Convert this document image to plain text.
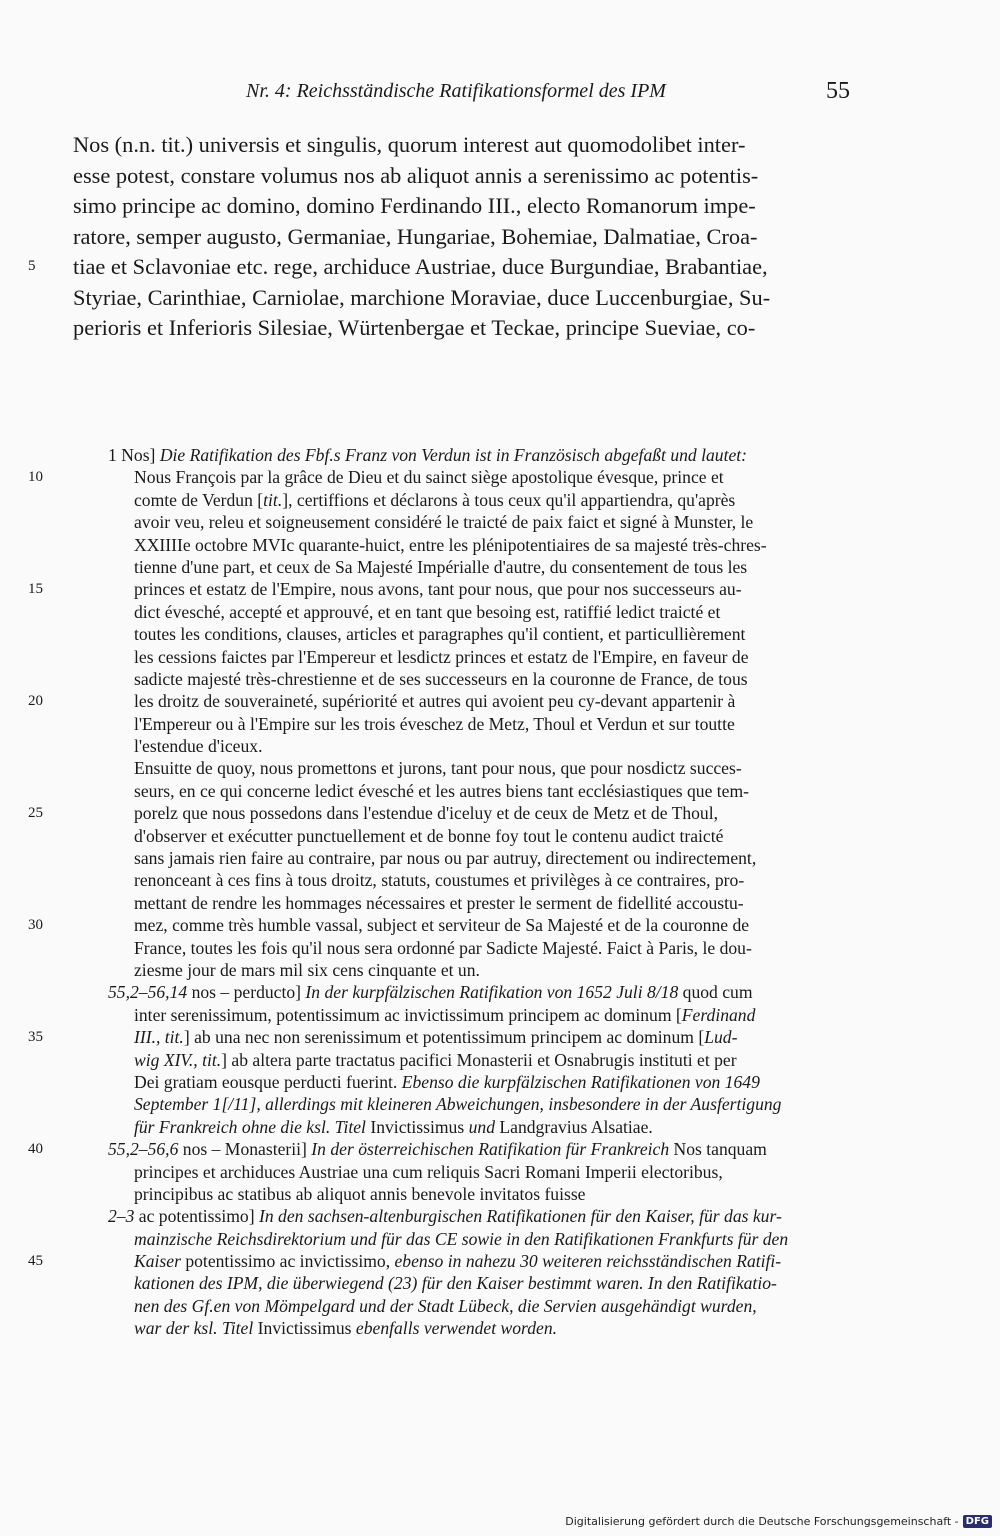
Nr. 4: Reichsständische Ratifikationsformel des IPM	55
Nos (n.n. tit.) universis et singulis, quorum interest aut quomodolibet inter-
esse potest, constare volumus nos ab aliquot annis a serenissimo ac potentis-
simo principe ac domino, domino Ferdinando III., electo Romanorum impe-
ratore, semper augusto, Germaniae, Hungariae, Bohemiae, Dalmatiae, Croa-
tiae et Sclavoniae etc. rege, archiduce Austriae, duce Burgundiae, Brabantiae,
Styriae, Carinthiae, Carniolae, marchione Moraviae, duce Luccenburgiae, Su-
perioris et Inferioris Silesiae, Würtenbergae et Teckae, principe Sueviae, co-
5
1 Nos] Die Ratifikation des Fbf.s Franz von Verdun ist in Französisch abgefaßt und lautet:
Nous François par la grâce de Dieu et du sainct siège apostolique évesque, prince et
comte de Verdun [tit.], certiffions et déclarons à tous ceux qu'il appartiendra, qu'après
avoir veu, releu et soigneusement considéré le traicté de paix faict et signé à Munster, le
XXIIIIe octobre MVIc quarante-huict, entre les plénipotentiaires de sa majesté très-chres-
tienne d'une part, et ceux de Sa Majesté Impérialle d'autre, du consentement de tous les
princes et estatz de l'Empire, nous avons, tant pour nous, que pour nos successeurs au-
dict évesché, accepté et approuvé, et en tant que besoing est, ratiffié ledict traicté et
toutes les conditions, clauses, articles et paragraphes qu'il contient, et particullièrement
les cessions faictes par l'Empereur et lesdictz princes et estatz de l'Empire, en faveur de
sadicte majesté très-chrestienne et de ses successeurs en la couronne de France, de tous
les droitz de souveraineté, supériorité et autres qui avoient peu cy-devant appartenir à
l'Empereur ou à l'Empire sur les trois éveschez de Metz, Thoul et Verdun et sur toutte
l'estendue d'iceux.
Ensuitte de quoy, nous promettons et jurons, tant pour nous, que pour nosdictz succes-
seurs, en ce qui concerne ledict évesché et les autres biens tant ecclésiastiques que tem-
porelz que nous possedons dans l'estendue d'iceluy et de ceux de Metz et de Thoul,
d'observer et exécutter punctuellement et de bonne foy tout le contenu audict traicté
sans jamais rien faire au contraire, par nous ou par autruy, directement ou indirectement,
renonceant à ces fins à tous droitz, statuts, coustumes et privilèges à ce contraires, pro-
mettant de rendre les hommages nécessaires et prester le serment de fidellité accoustu-
mez, comme très humble vassal, subject et serviteur de Sa Majesté et de la couronne de
France, toutes les fois qu'il nous sera ordonné par Sadicte Majesté. Faict à Paris, le dou-
ziesme jour de mars mil six cens cinquante et un.
55,2–56,14 nos – perducto] In der kurpfälzischen Ratifikation von 1652 Juli 8/18 quod cum
inter serenissimum, potentissimum ac invictissimum principem ac dominum [Ferdinand
III., tit.] ab una nec non serenissimum et potentissimum principem ac dominum [Lud-
wig XIV., tit.] ab altera parte tractatus pacifici Monasterii et Osnabrugis instituti et per
Dei gratiam eousque perducti fuerint. Ebenso die kurpfälzischen Ratifikationen von 1649
September 1[/11], allerdings mit kleineren Abweichungen, insbesondere in der Ausfertigung
für Frankreich ohne die ksl. Titel Invictissimus und Landgravius Alsatiae.
55,2–56,6 nos – Monasterii] In der österreichischen Ratifikation für Frankreich Nos tanquam
principes et archiduces Austriae una cum reliquis Sacri Romani Imperii electoribus,
principibus ac statibus ab aliquot annis benevole invitatos fuisse
2–3 ac potentissimo] In den sachsen-altenburgischen Ratifikationen für den Kaiser, für das kur-
mainzische Reichsdirektorium und für das CE sowie in den Ratifikationen Frankfurts für den
Kaiser potentissimo ac invictissimo, ebenso in nahezu 30 weiteren reichsständischen Ratifi-
kationen des IPM, die überwiegend (23) für den Kaiser bestimmt waren. In den Ratifikatio-
nen des Gf.en von Mömpelgard und der Stadt Lübeck, die Servien ausgehändigt wurden,
war der ksl. Titel Invictissimus ebenfalls verwendet worden.
10
15
20
25
30
35
40
45
Digitalisierung gefördert durch die Deutsche Forschungsgemeinschaft - DFG
